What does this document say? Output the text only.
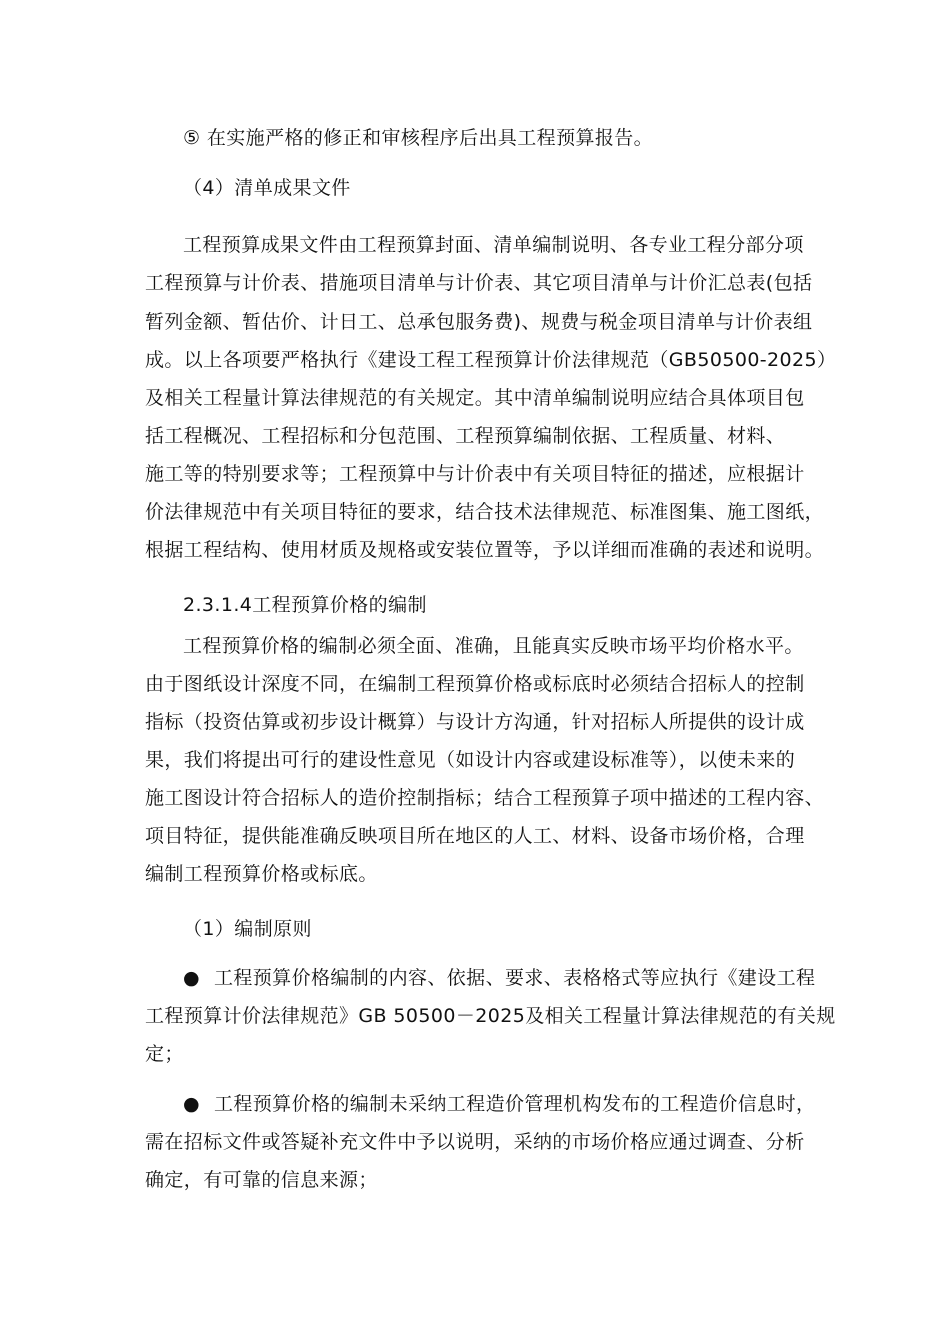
⑤ 在实施严格的修正和审核程序后出具工程预算报告。
（4）清单成果文件
工程预算成果文件由工程预算封面、清单编制说明、各专业工程分部分项
工程预算与计价表、措施项目清单与计价表、其它项目清单与计价汇总表(包括
暂列金额、暂估价、计日工、总承包服务费)、规费与税金项目清单与计价表组
成。以上各项要严格执行《建设工程工程预算计价法律规范（GB50500-2025）
及相关工程量计算法律规范的有关规定。其中清单编制说明应结合具体项目包
括工程概况、工程招标和分包范围、工程预算编制依据、工程质量、材料、
施工等的特别要求等；工程预算中与计价表中有关项目特征的描述，应根据计
价法律规范中有关项目特征的要求，结合技术法律规范、标准图集、施工图纸，
根据工程结构、使用材质及规格或安装位置等，予以详细而准确的表述和说明。
2.3.1.4工程预算价格的编制
工程预算价格的编制必须全面、准确，且能真实反映市场平均价格水平。
由于图纸设计深度不同，在编制工程预算价格或标底时必须结合招标人的控制
指标（投资估算或初步设计概算）与设计方沟通，针对招标人所提供的设计成
果，我们将提出可行的建设性意见（如设计内容或建设标准等），以使未来的
施工图设计符合招标人的造价控制指标；结合工程预算子项中描述的工程内容、
项目特征，提供能准确反映项目所在地区的人工、材料、设备市场价格，合理
编制工程预算价格或标底。
（1）编制原则
● 工程预算价格编制的内容、依据、要求、表格格式等应执行《建设工程
工程预算计价法律规范》GB 50500－2025及相关工程量计算法律规范的有关规
定；
● 工程预算价格的编制未采纳工程造价管理机构发布的工程造价信息时，
需在招标文件或答疑补充文件中予以说明，采纳的市场价格应通过调查、分析
确定，有可靠的信息来源；
